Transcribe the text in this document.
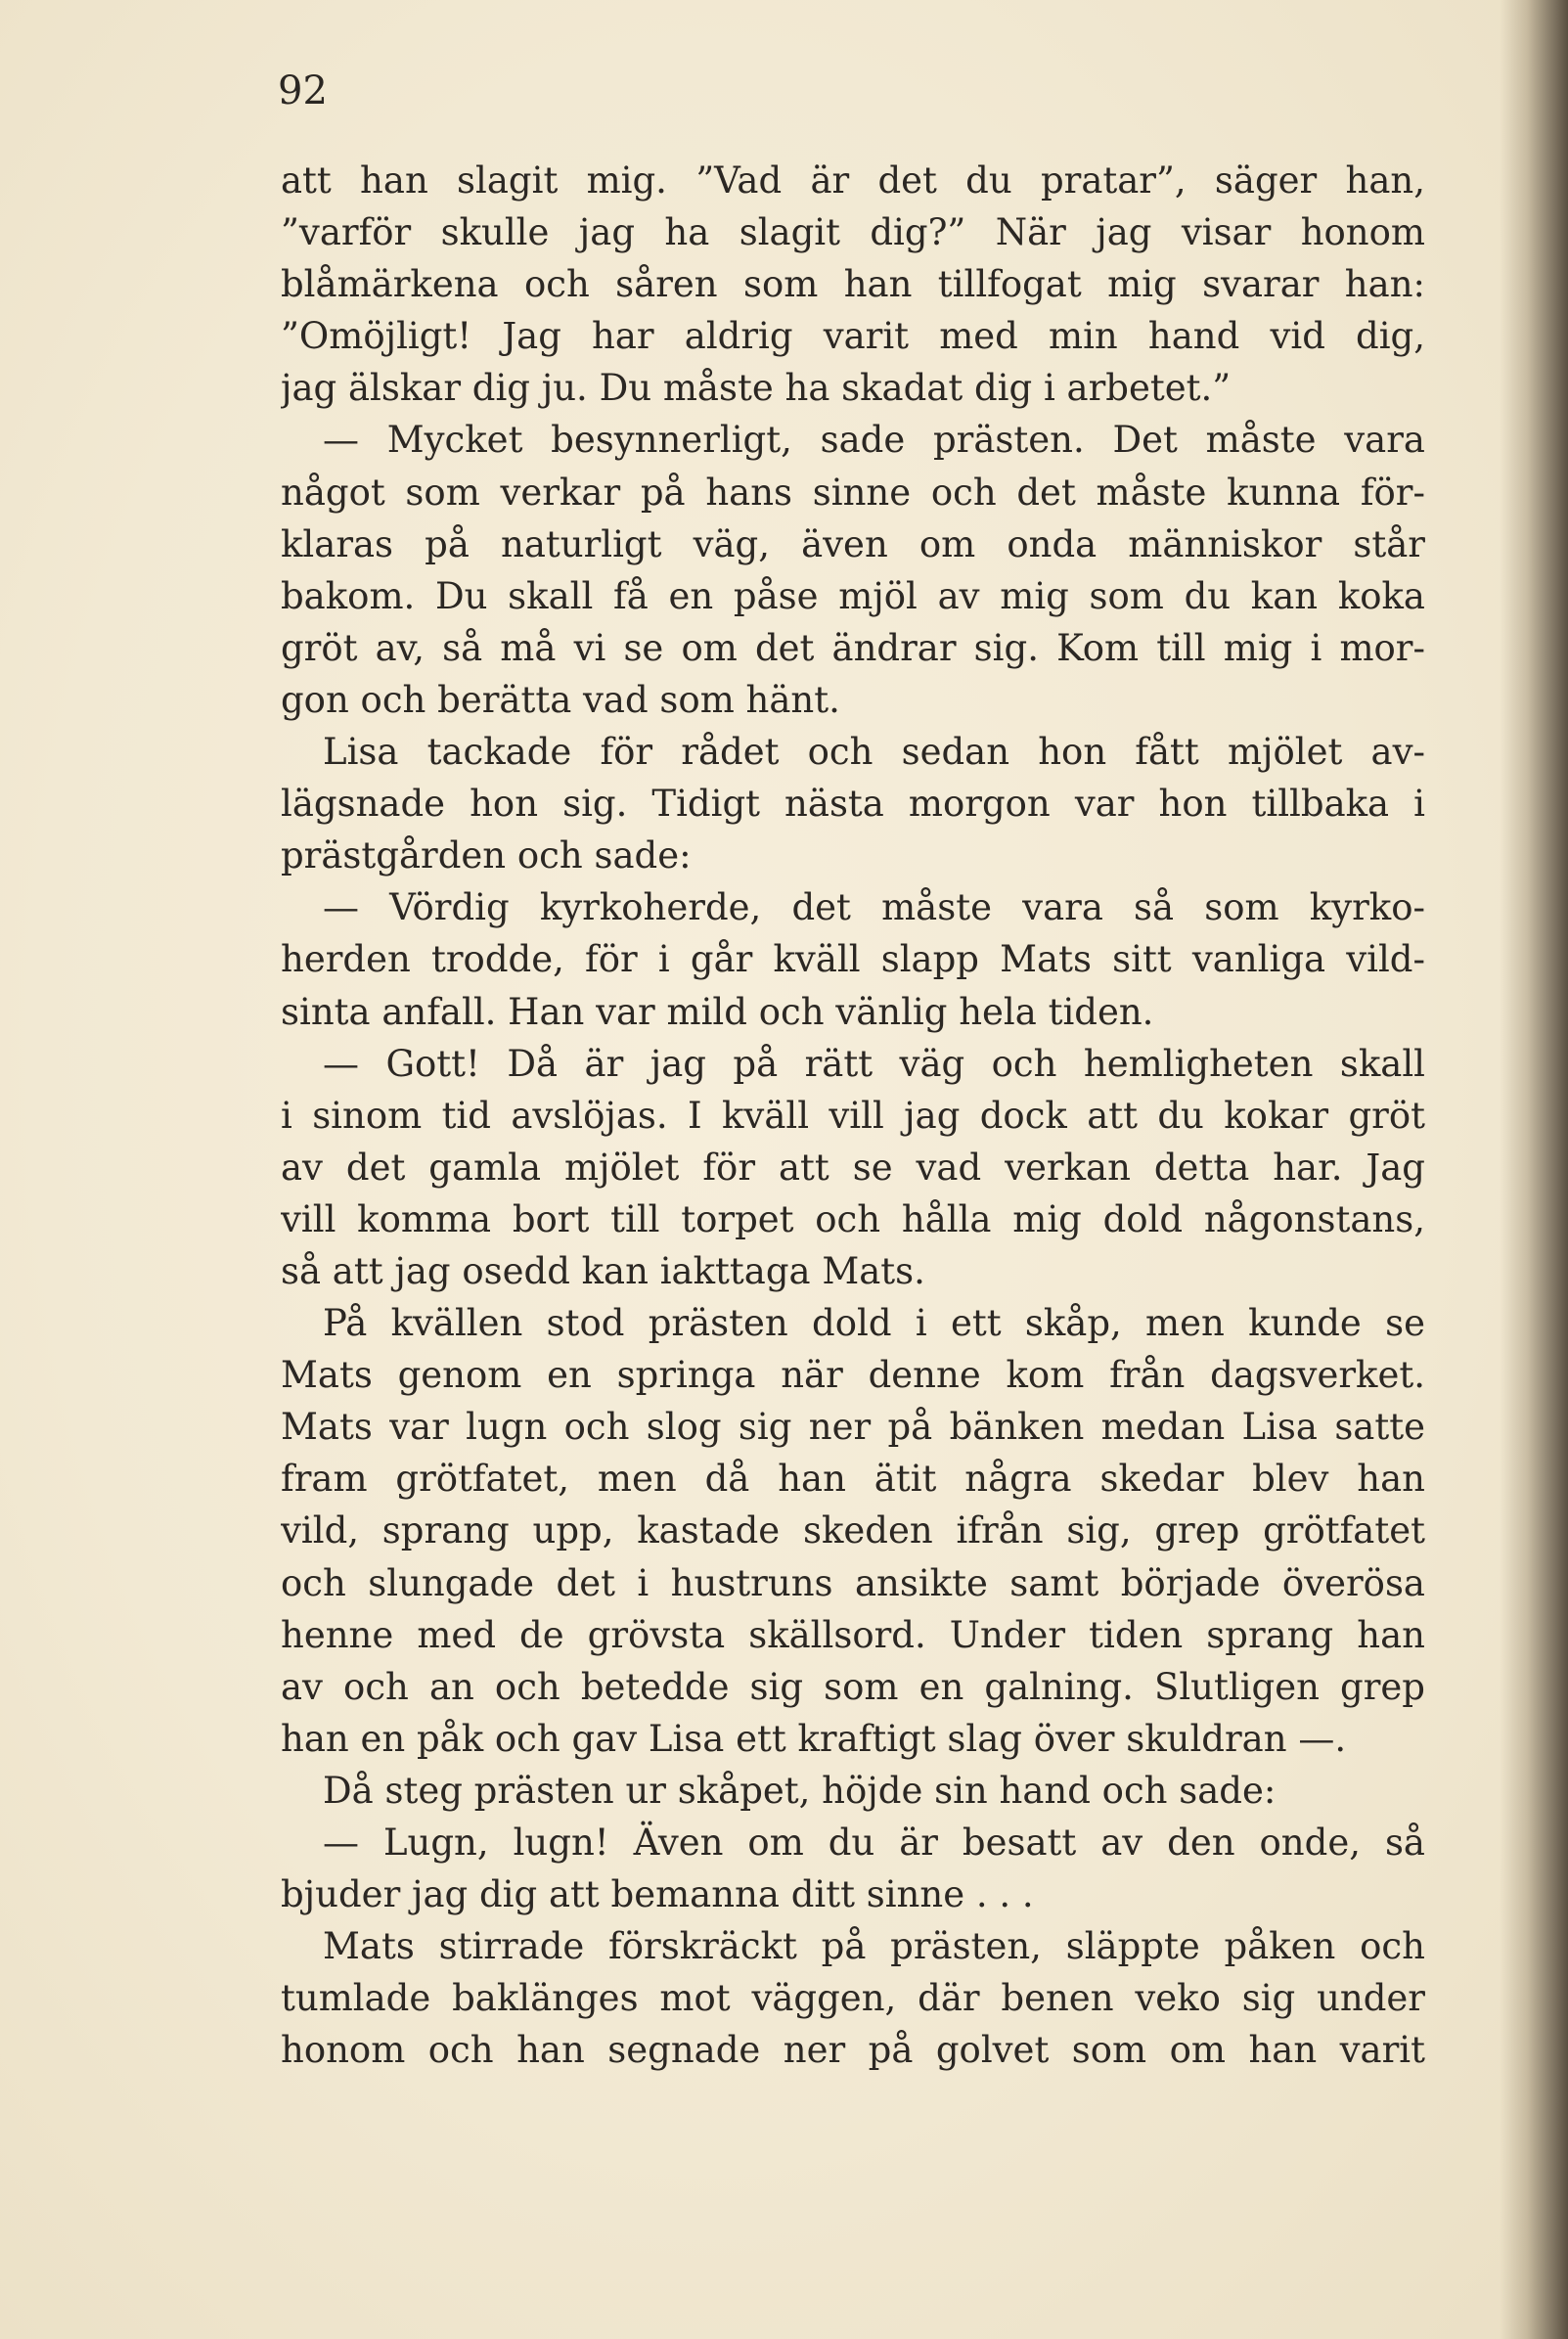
92
att han slagit mig. ”Vad är det du pratar”, säger han,
”varför skulle jag ha slagit dig?” När jag visar honom
blåmärkena och såren som han tillfogat mig svarar han:
”Omöjligt! Jag har aldrig varit med min hand vid dig,
jag älskar dig ju. Du måste ha skadat dig i arbetet.”
— Mycket besynnerligt, sade prästen. Det måste vara
något som verkar på hans sinne och det måste kunna för-
klaras på naturligt väg, även om onda människor står
bakom. Du skall få en påse mjöl av mig som du kan koka
gröt av, så må vi se om det ändrar sig. Kom till mig i mor-
gon och berätta vad som hänt.
Lisa tackade för rådet och sedan hon fått mjölet av-
lägsnade hon sig. Tidigt nästa morgon var hon tillbaka i
prästgården och sade:
— Vördig kyrkoherde, det måste vara så som kyrko-
herden trodde, för i går kväll slapp Mats sitt vanliga vild-
sinta anfall. Han var mild och vänlig hela tiden.
— Gott! Då är jag på rätt väg och hemligheten skall
i sinom tid avslöjas. I kväll vill jag dock att du kokar gröt
av det gamla mjölet för att se vad verkan detta har. Jag
vill komma bort till torpet och hålla mig dold någonstans,
så att jag osedd kan iakttaga Mats.
På kvällen stod prästen dold i ett skåp, men kunde se
Mats genom en springa när denne kom från dagsverket.
Mats var lugn och slog sig ner på bänken medan Lisa satte
fram grötfatet, men då han ätit några skedar blev han
vild, sprang upp, kastade skeden ifrån sig, grep grötfatet
och slungade det i hustruns ansikte samt började överösa
henne med de grövsta skällsord. Under tiden sprang han
av och an och betedde sig som en galning. Slutligen grep
han en påk och gav Lisa ett kraftigt slag över skuldran —.
Då steg prästen ur skåpet, höjde sin hand och sade:
— Lugn, lugn! Även om du är besatt av den onde, så
bjuder jag dig att bemanna ditt sinne . . .
Mats stirrade förskräckt på prästen, släppte påken och
tumlade baklänges mot väggen, där benen veko sig under
honom och han segnade ner på golvet som om han varit
